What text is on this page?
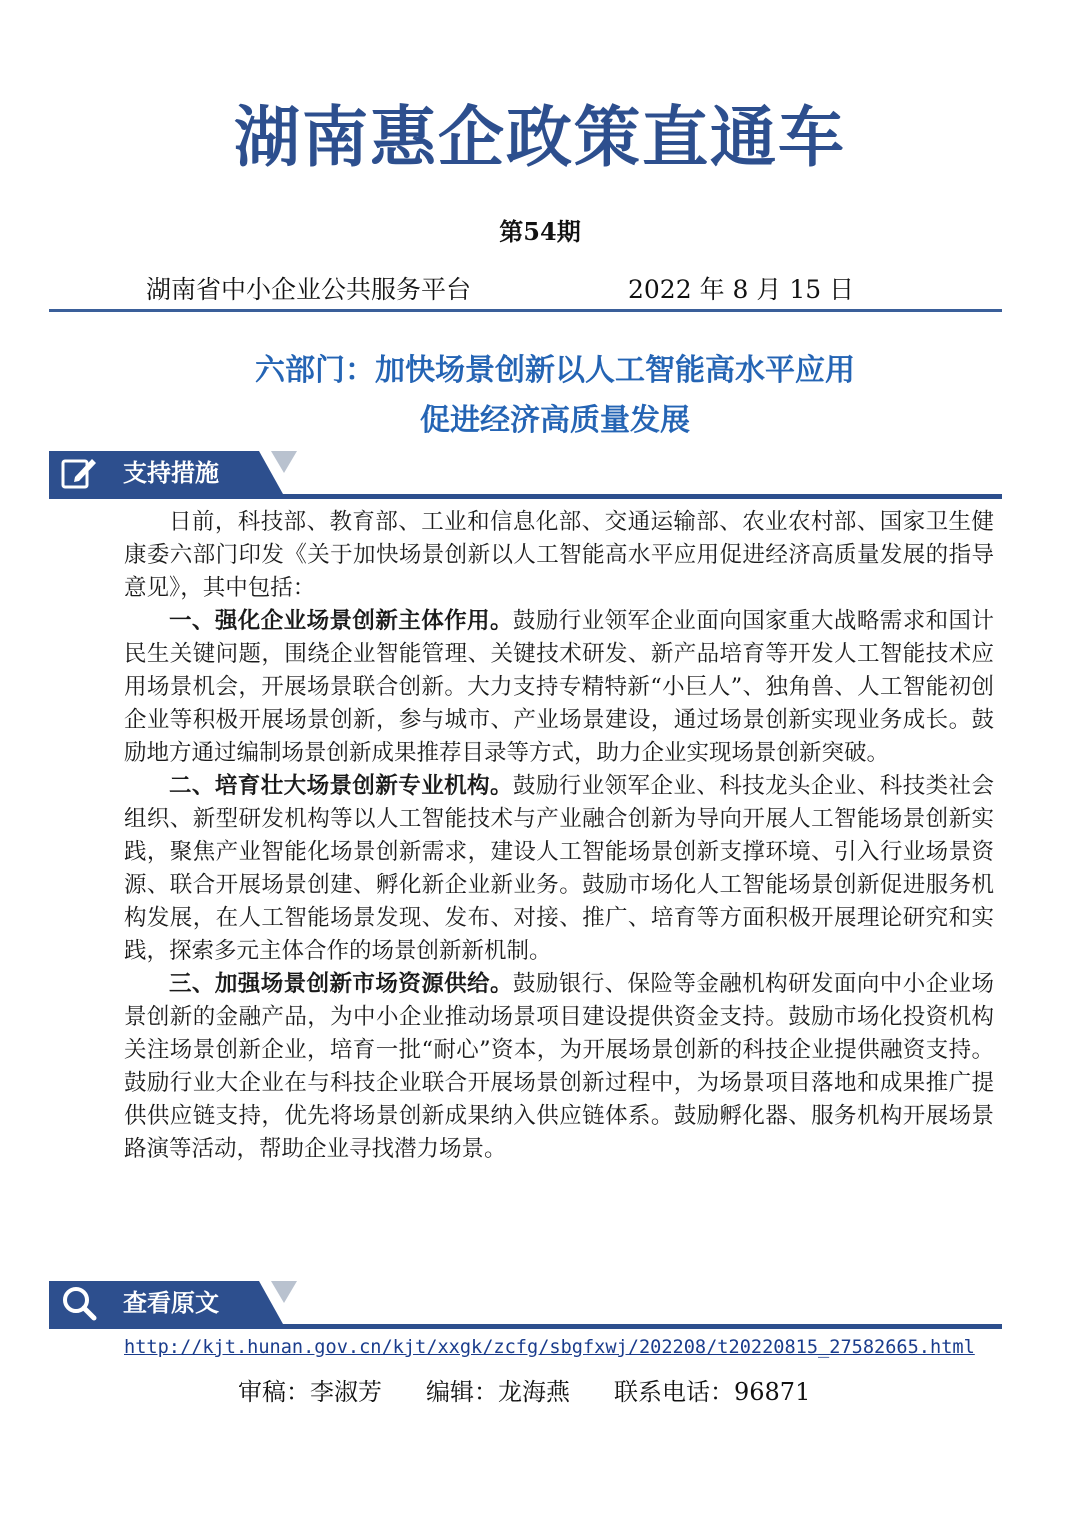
湖南惠企政策直通车
第54期
湖南省中小企业公共服务平台	2022 年 8 月 15 日
六部门：加快场景创新以人工智能高水平应用
促进经济高质量发展
支持措施

日前，科技部、教育部、工业和信息化部、交通运输部、农业农村部、国家卫生健康委六部门印发《关于加快场景创新以人工智能高水平应用促进经济高质量发展的指导意见》，其中包括：

一、强化企业场景创新主体作用。鼓励行业领军企业面向国家重大战略需求和国计民生关键问题，围绕企业智能管理、关键技术研发、新产品培育等开发人工智能技术应用场景机会，开展场景联合创新。大力支持专精特新“小巨人”、独角兽、人工智能初创企业等积极开展场景创新，参与城市、产业场景建设，通过场景创新实现业务成长。鼓励地方通过编制场景创新成果推荐目录等方式，助力企业实现场景创新突破。

二、培育壮大场景创新专业机构。鼓励行业领军企业、科技龙头企业、科技类社会组织、新型研发机构等以人工智能技术与产业融合创新为导向开展人工智能场景创新实践，聚焦产业智能化场景创新需求，建设人工智能场景创新支撑环境、引入行业场景资源、联合开展场景创建、孵化新企业新业务。鼓励市场化人工智能场景创新促进服务机构发展，在人工智能场景发现、发布、对接、推广、培育等方面积极开展理论研究和实践，探索多元主体合作的场景创新新机制。

三、加强场景创新市场资源供给。鼓励银行、保险等金融机构研发面向中小企业场景创新的金融产品，为中小企业推动场景项目建设提供资金支持。鼓励市场化投资机构关注场景创新企业，培育一批“耐心”资本，为开展场景创新的科技企业提供融资支持。鼓励行业大企业在与科技企业联合开展场景创新过程中，为场景项目落地和成果推广提供供应链支持，优先将场景创新成果纳入供应链体系。鼓励孵化器、服务机构开展场景路演等活动，帮助企业寻找潜力场景。

查看原文
http://kjt.hunan.gov.cn/kjt/xxgk/zcfg/sbgfxwj/202208/t20220815_27582665.html
审稿：李淑芳 编辑：龙海燕 联系电话：96871
